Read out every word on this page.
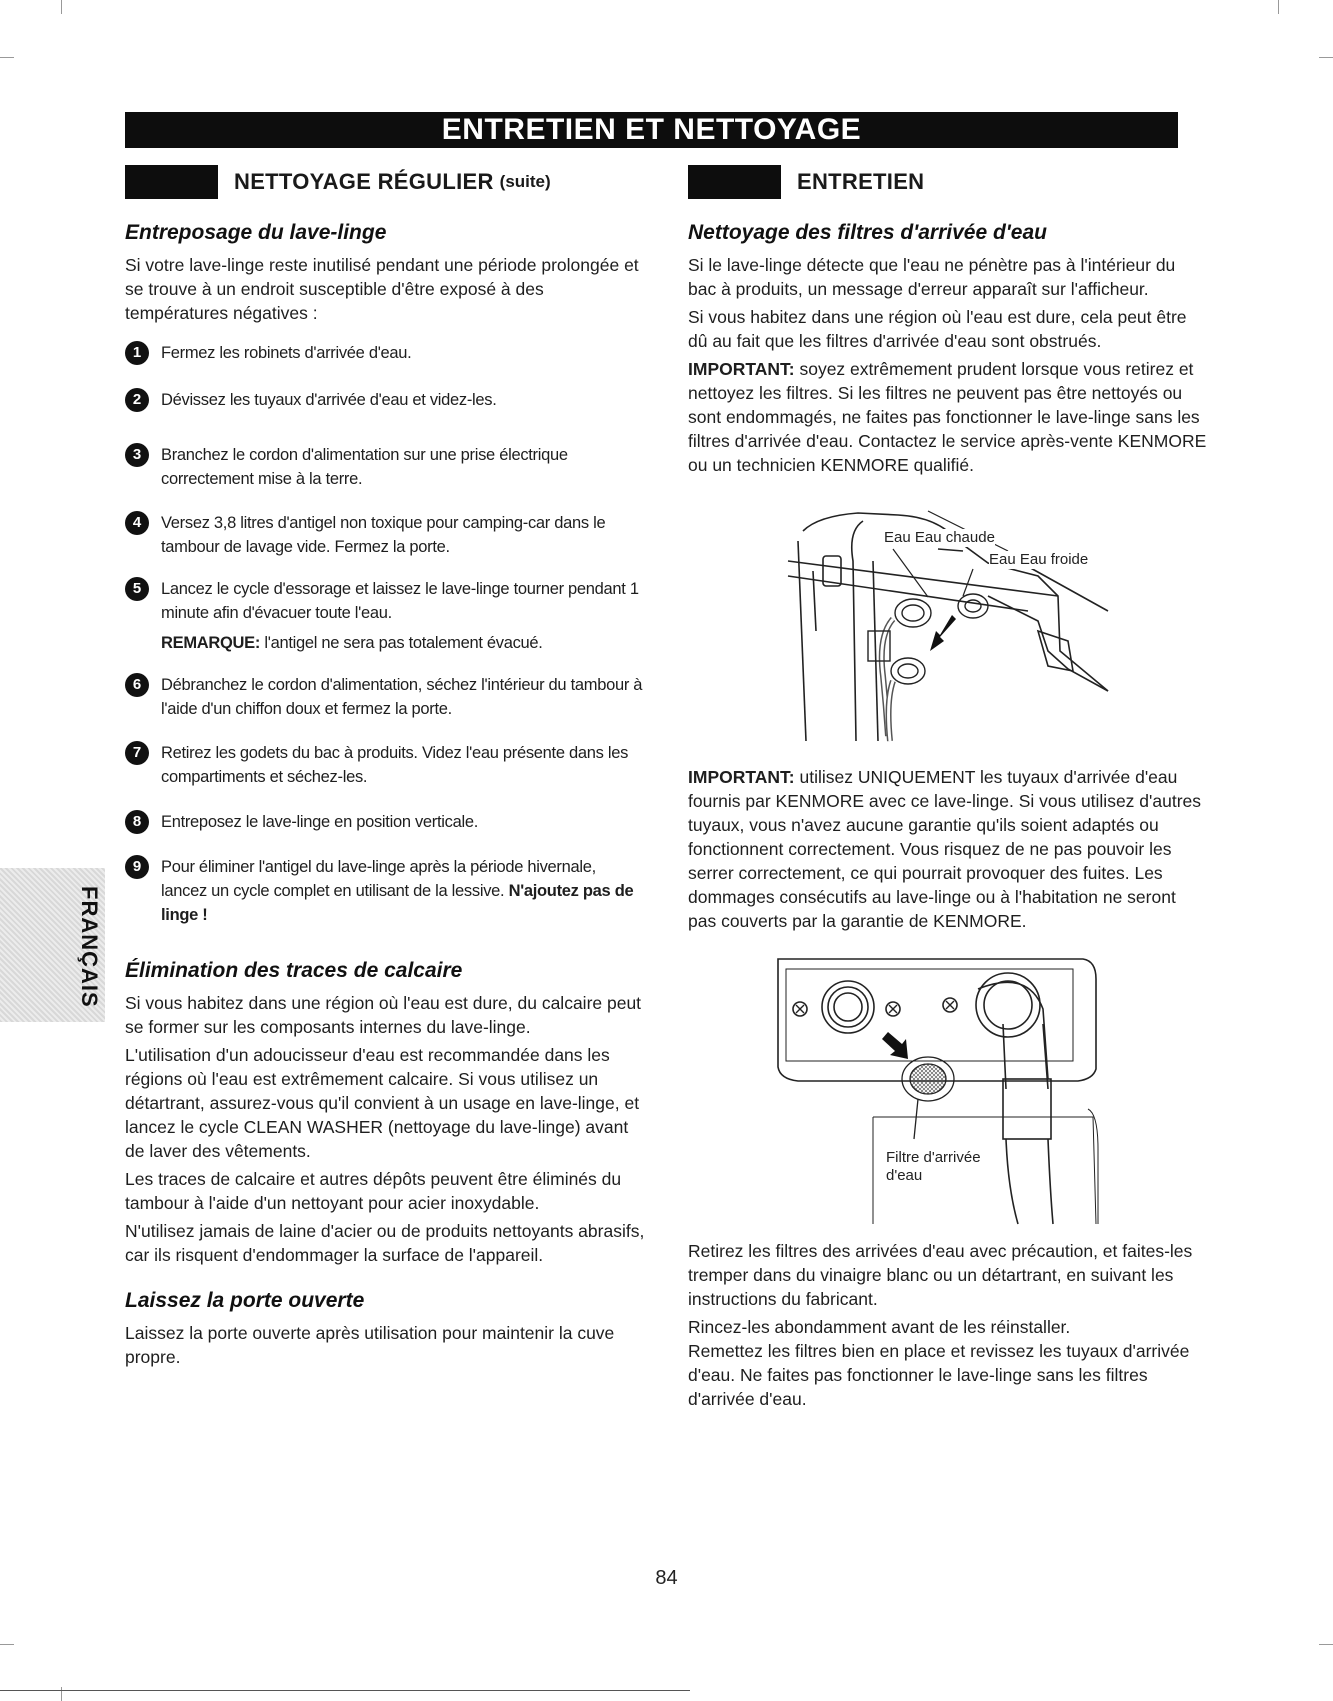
ENTRETIEN ET NETTOYAGE
NETTOYAGE RÉGULIER (suite)
Entreposage du lave-linge

Si votre lave-linge reste inutilisé pendant une période prolongée et se trouve à un endroit susceptible d'être exposé à des températures négatives :

1	Fermez les robinets d'arrivée d'eau.
2	Dévissez les tuyaux d'arrivée d'eau et videz-les.
3	Branchez le cordon d'alimentation sur une prise électrique correctement mise à la terre.
4	Versez 3,8 litres d'antigel non toxique pour camping-car dans le tambour de lavage vide. Fermez la porte.
5	Lancez le cycle d'essorage et laissez le lave-linge tourner pendant 1 minute afin d'évacuer toute l'eau.
REMARQUE: l'antigel ne sera pas totalement évacué.
6	Débranchez le cordon d'alimentation, séchez l'intérieur du tambour à l'aide d'un chiffon doux et fermez la porte.
7	Retirez les godets du bac à produits. Videz l'eau présente dans les compartiments et séchez-les.
8	Entreposez le lave-linge en position verticale.
9	Pour éliminer l'antigel du lave-linge après la période hivernale, lancez un cycle complet en utilisant de la lessive. N'ajoutez pas de linge !
Élimination des traces de calcaire

Si vous habitez dans une région où l'eau est dure, du calcaire peut se former sur les composants internes du lave-linge.

L'utilisation d'un adoucisseur d'eau est recommandée dans les régions où l'eau est extrêmement calcaire. Si vous utilisez un détartrant, assurez-vous qu'il convient à un usage en lave-linge, et lancez le cycle CLEAN WASHER (nettoyage du lave-linge) avant de laver des vêtements.

Les traces de calcaire et autres dépôts peuvent être éliminés du tambour à l'aide d'un nettoyant pour acier inoxydable.

N'utilisez jamais de laine d'acier ou de produits nettoyants abrasifs, car ils risquent d'endommager la surface de l'appareil.

Laissez la porte ouverte

Laissez la porte ouverte après utilisation pour maintenir la cuve propre.

ENTRETIEN
Nettoyage des filtres d'arrivée d'eau

Si le lave-linge détecte que l'eau ne pénètre pas à l'intérieur du bac à produits, un message d'erreur apparaît sur l'afficheur.

Si vous habitez dans une région où l'eau est dure, cela peut être dû au fait que les filtres d'arrivée d'eau sont obstrués.

IMPORTANT: soyez extrêmement prudent lorsque vous retirez et nettoyez les filtres. Si les filtres ne peuvent pas être nettoyés ou sont endommagés, ne faites pas fonctionner le lave-linge sans les filtres d'arrivée d'eau. Contactez le service après-vente KENMORE ou un technicien KENMORE qualifié.

Eau Eau chaude
Eau Eau froide

IMPORTANT: utilisez UNIQUEMENT les tuyaux d'arrivée d'eau fournis par KENMORE avec ce lave-linge. Si vous utilisez d'autres tuyaux, vous n'avez aucune garantie qu'ils soient adaptés ou fonctionnent correctement. Vous risquez de ne pas pouvoir les serrer correctement, ce qui pourrait provoquer des fuites. Les dommages consécutifs au lave-linge ou à l'habitation ne seront pas couverts par la garantie de KENMORE.

Filtre d'arrivée
d'eau

Retirez les filtres des arrivées d'eau avec précaution, et faites-les tremper dans du vinaigre blanc ou un détartrant, en suivant les instructions du fabricant.

Rincez-les abondamment avant de les réinstaller.

Remettez les filtres bien en place et revissez les tuyaux d'arrivée d'eau. Ne faites pas fonctionner le lave-linge sans les filtres d'arrivée d'eau.

FRANÇAIS
84
